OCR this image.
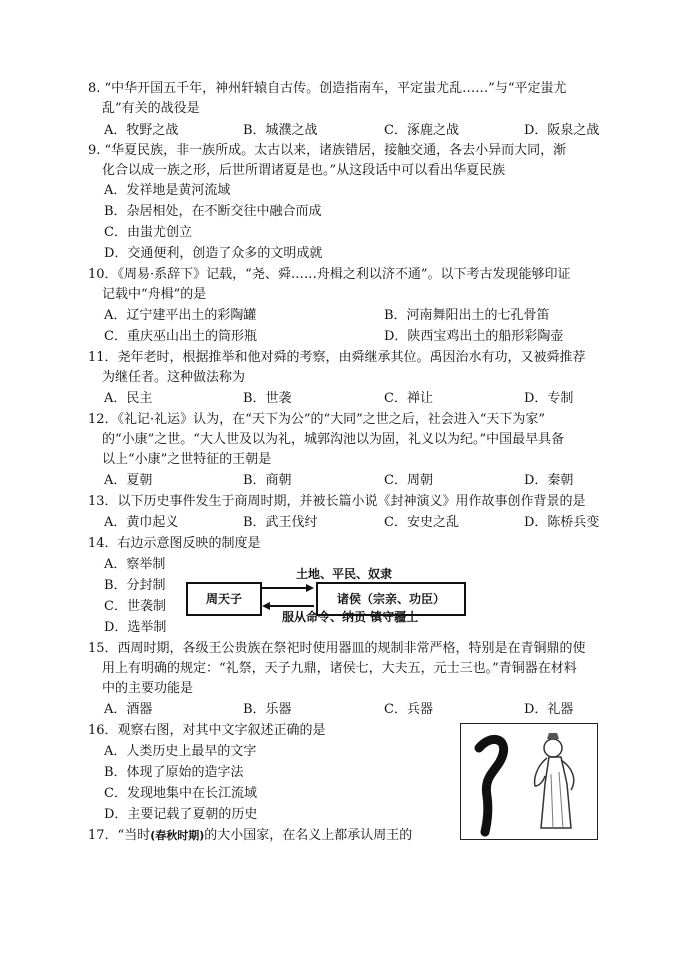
8. “中华开国五千年，神州轩辕自古传。创造指南车，平定蚩尤乱……”与“平定蚩尤
乱”有关的战役是
A．牧野之战	B．城濮之战	C．涿鹿之战	D．阪泉之战
9. “华夏民族，非一族所成。太古以来，诸族错居，接触交通，各去小异而大同，渐
化合以成一族之形，后世所谓诸夏是也。”从这段话中可以看出华夏民族
A．发祥地是黄河流域
B．杂居相处，在不断交往中融合而成
C．由蚩尤创立
D．交通便利，创造了众多的文明成就
10．《周易·系辞下》记载，“尧、舜……舟楫之利以济不通”。以下考古发现能够印证
记载中“舟楫”的是
A．辽宁建平出土的彩陶罐	B．河南舞阳出土的七孔骨笛
C．重庆巫山出土的筒形瓶	D．陕西宝鸡出土的船形彩陶壶
11．尧年老时，根据推举和他对舜的考察，由舜继承其位。禹因治水有功，又被舜推荐
为继任者。这种做法称为
A．民主	B．世袭	C．禅让	D．专制
12．《礼记·礼运》认为，在“天下为公”的“大同”之世之后，社会进入“天下为家”
的“小康”之世。“大人世及以为礼，城郭沟池以为固，礼义以为纪。”中国最早具备
以上“小康”之世特征的王朝是
A．夏朝	B．商朝	C．周朝	D．秦朝
13．以下历史事件发生于商周时期，并被长篇小说《封神演义》用作故事创作背景的是
A．黄巾起义	B．武王伐纣	C．安史之乱	D．陈桥兵变
14．右边示意图反映的制度是
A．察举制
B．分封制
C．世袭制
D．选举制
周天子	诸侯（宗亲、功臣）
土地、平民、奴隶
服从命令、纳贡 镇守疆土
15．西周时期，各级王公贵族在祭祀时使用器皿的规制非常严格，特别是在青铜鼎的使
用上有明确的规定：“礼祭，天子九鼎，诸侯七，大夫五，元士三也。”青铜器在材料
中的主要功能是
A．酒器	B．乐器	C．兵器	D．礼器
16．观察右图，对其中文字叙述正确的是
A．人类历史上最早的文字
B．体现了原始的造字法
C．发现地集中在长江流域
D．主要记载了夏朝的历史
17．“当时(春秋时期)的大小国家，在名义上都承认周王的
